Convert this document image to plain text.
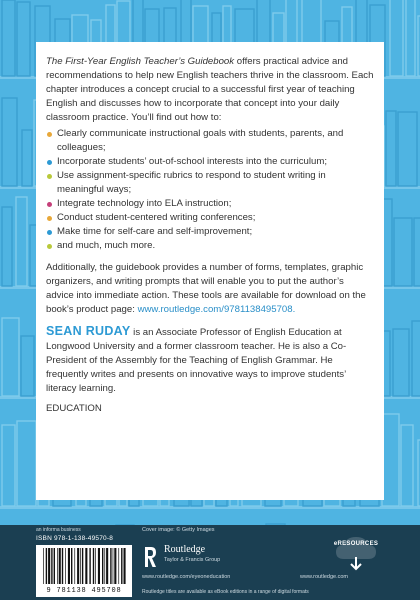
The First-Year English Teacher’s Guidebook offers practical advice and recommendations to help new English teachers thrive in the classroom. Each chapter introduces a concept crucial to a successful first year of teaching English and discusses how to incorporate that concept into your daily classroom practice. You’ll find out how to:

Clearly communicate instructional goals with students, parents, and colleagues;
Incorporate students’ out-of-school interests into the curriculum;
Use assignment-specific rubrics to respond to student writing in meaningful ways;
Integrate technology into ELA instruction;
Conduct student-centered writing conferences;
Make time for self-care and self-improvement;
and much, much more.

Additionally, the guidebook provides a number of forms, templates, graphic organizers, and writing prompts that will enable you to put the author’s advice into immediate action. These tools are available for download on the book’s product page: www.routledge.com/9781138495708.

SEAN RUDAY is an Associate Professor of English Education at Longwood University and a former classroom teacher. He is also a Co-President of the Assembly for the Teaching of English Grammar. He frequently writes and presents on innovative ways to improve students’ literacy learning.

EDUCATION

an informa business
ISBN 978-1-138-49570-8
9 781138 495708
Cover image: © Getty Images
Routledge
Taylor & Francis Group
www.routledge.com/eyeoneducation
eRESOURCES
www.routledge.com
Routledge titles are available as eBook editions in a range of digital formats
